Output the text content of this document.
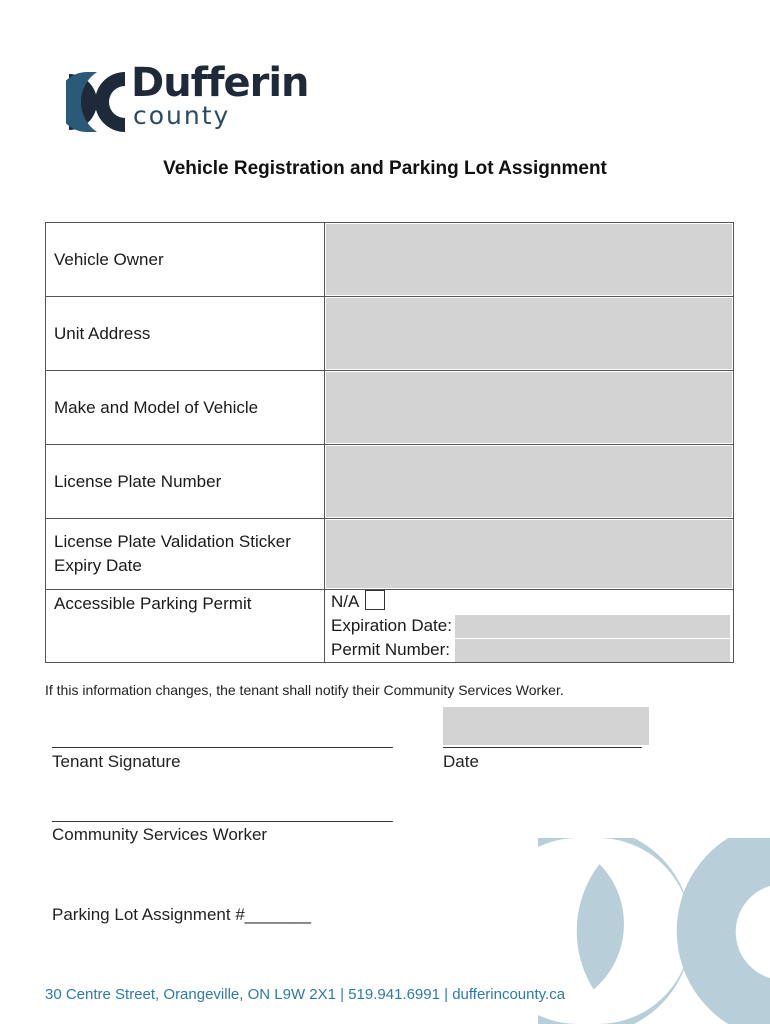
Dufferin
county
Vehicle Registration and Parking Lot Assignment
Vehicle Owner	

Unit Address	

Make and Model of Vehicle	

License Plate Number	

License Plate Validation Sticker
Expiry Date	

Accessible Parking Permit	N/A
Expiration Date:
Permit Number:
If this information changes, the tenant shall notify their Community Services Worker.
___________________________________________
Tenant Signature
_________________________
Date
___________________________________________
Community Services Worker
Parking Lot Assignment #_______
30 Centre Street, Orangeville, ON L9W 2X1 | 519.941.6991 | dufferincounty.ca
